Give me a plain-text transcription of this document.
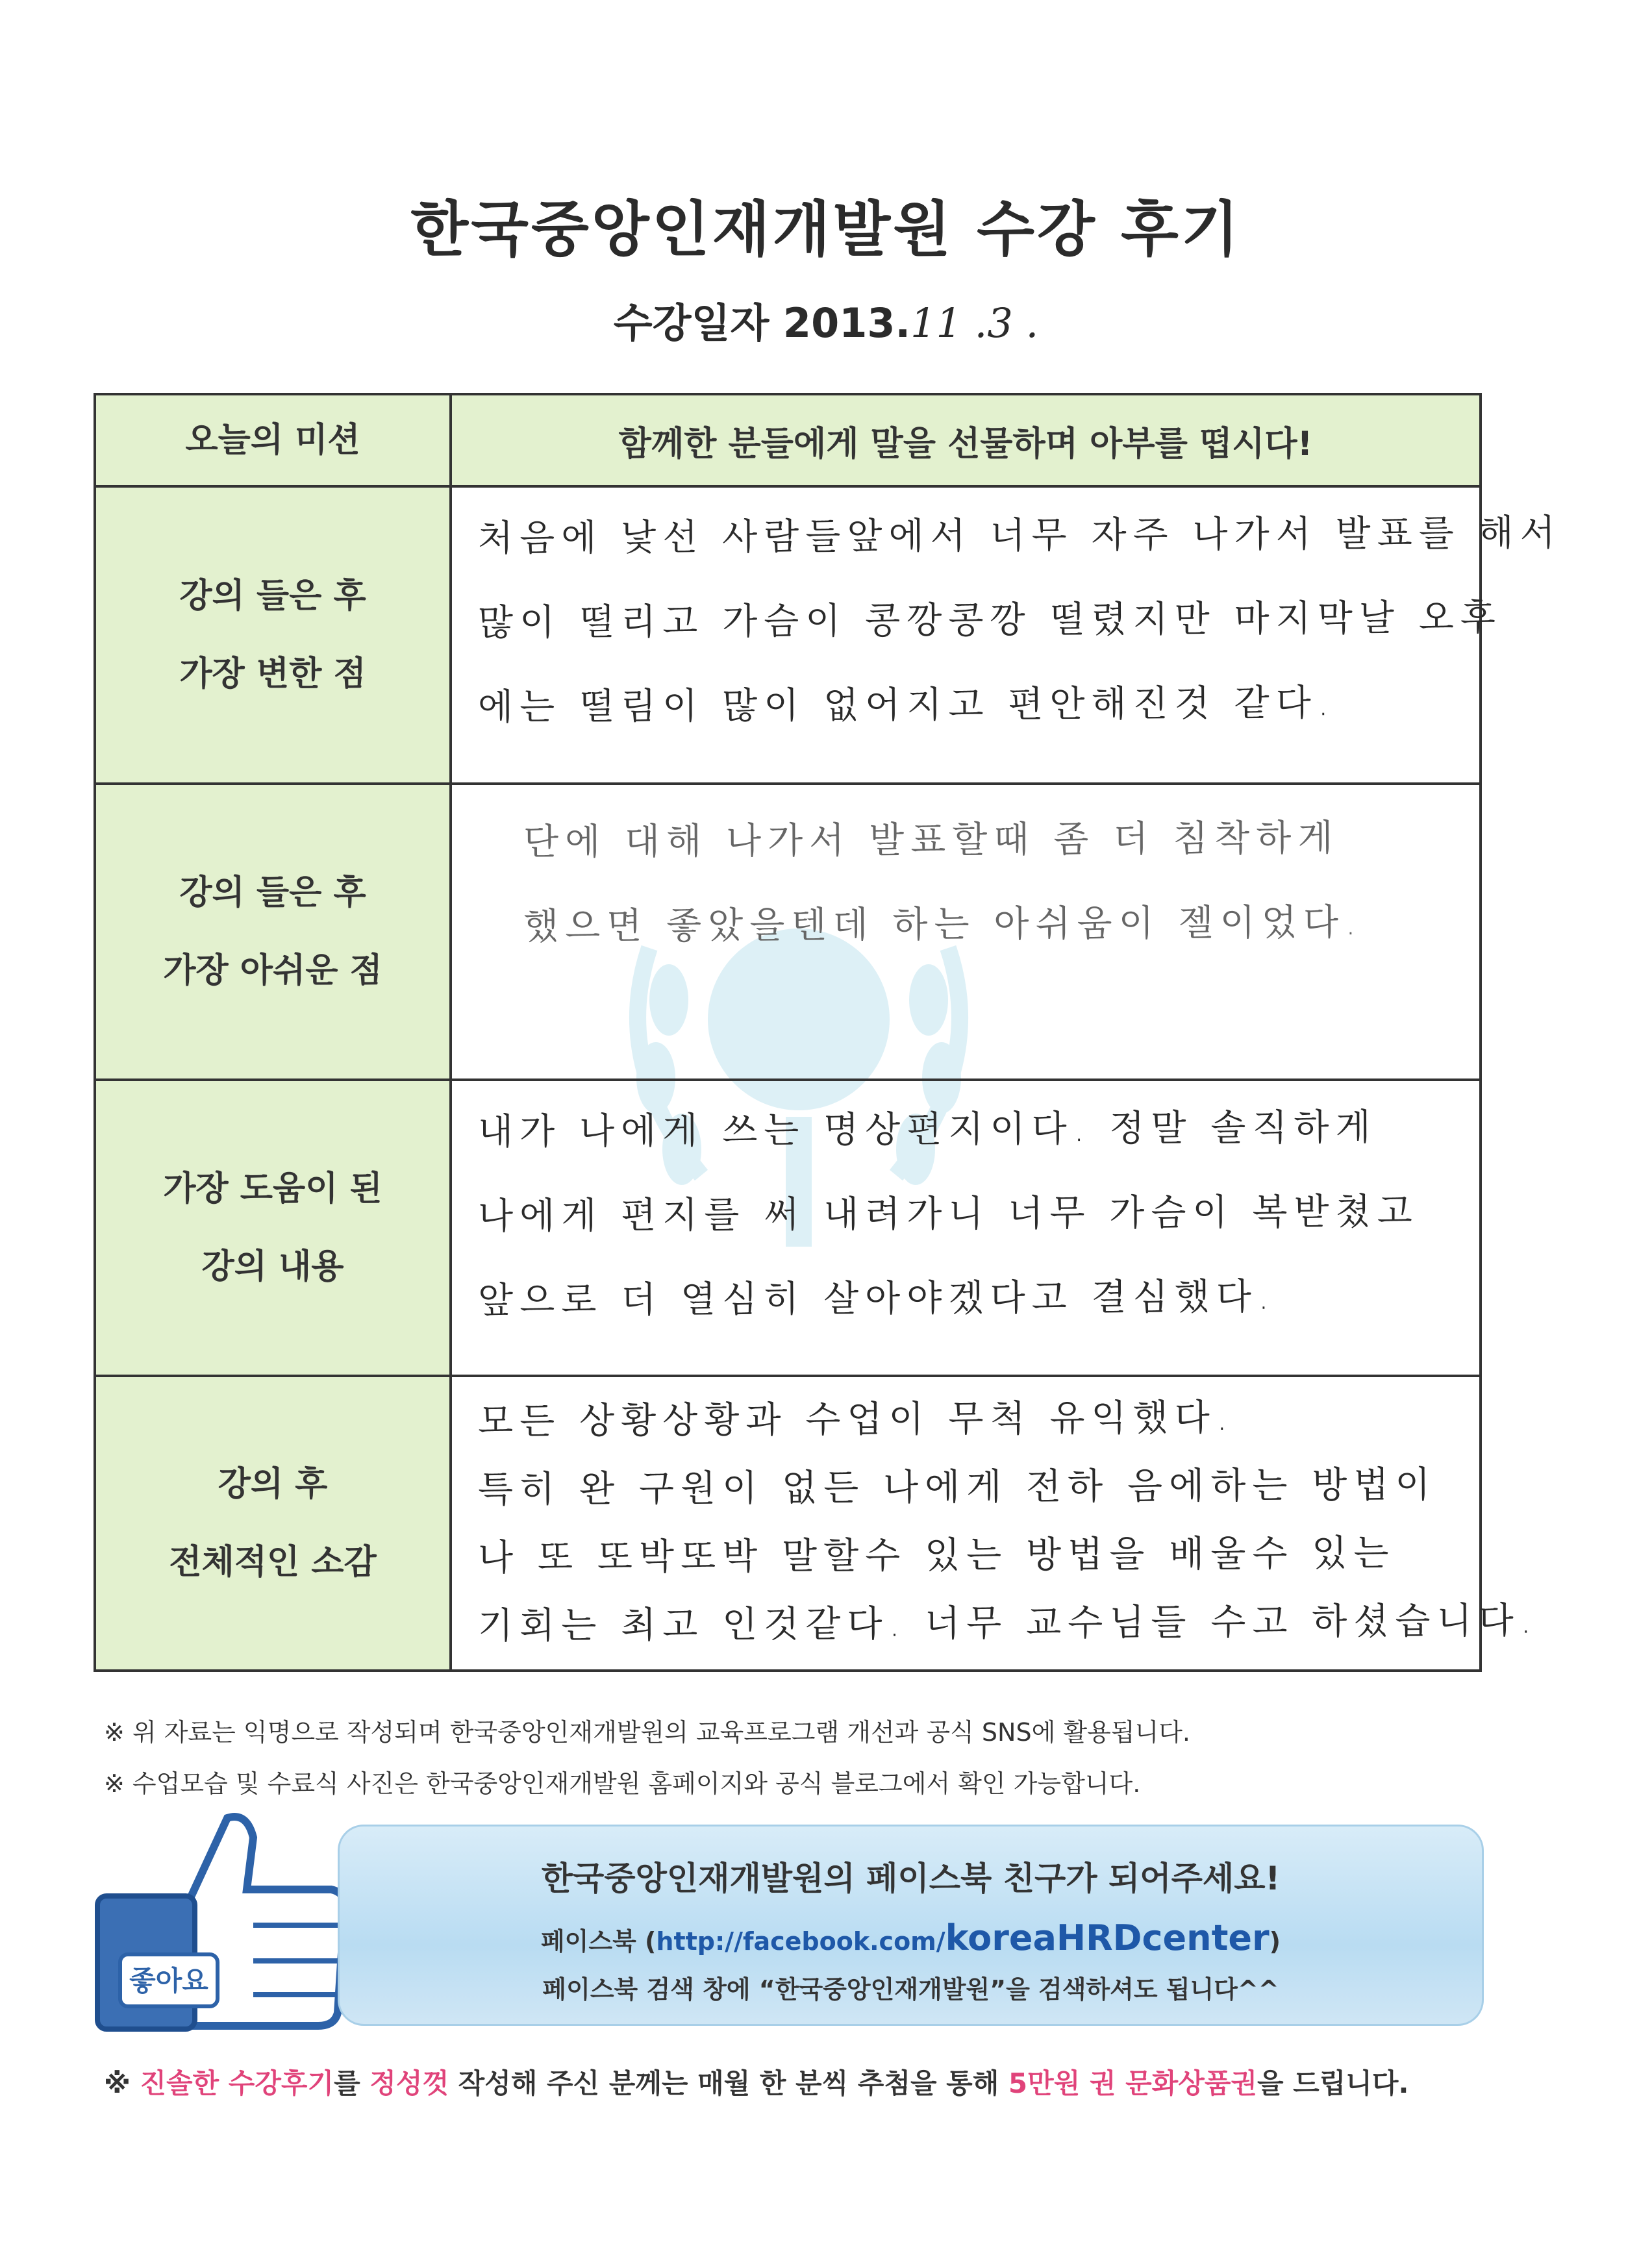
한국중앙인재개발원 수강 후기
수강일자 2013.11 .3 .
오늘의 미션	함께한 분들에게 말을 선물하며 아부를 떱시다!
강의 들은 후
가장 변한 점
처음에 낯선 사람들앞에서 너무 자주 나가서 발표를 해서
많이 떨리고 가슴이 콩깡콩깡 떨렸지만 마지막날 오후
에는 떨림이 많이 없어지고 편안해진것 같다.
강의 들은 후
가장 아쉬운 점
단에 대해 나가서 발표할때 좀 더 침착하게
했으면 좋았을텐데 하는 아쉬움이 젤이었다.
가장 도움이 된
강의 내용
내가 나에게 쓰는 명상편지이다. 정말 솔직하게
나에게 편지를 써 내려가니 너무 가슴이 복받쳤고
앞으로 더 열심히 살아야겠다고 결심했다.
강의 후
전체적인 소감
모든 상황상황과 수업이 무척 유익했다.
특히 완 구원이 없든 나에게 전하 음에하는 방법이
나 또 또박또박 말할수 있는 방법을 배울수 있는
기회는 최고 인것같다. 너무 교수님들 수고 하셨습니다.
※ 위 자료는 익명으로 작성되며 한국중앙인재개발원의 교육프로그램 개선과 공식 SNS에 활용됩니다.
※ 수업모습 및 수료식 사진은 한국중앙인재개발원 홈페이지와 공식 블로그에서 확인 가능합니다.
좋아요
한국중앙인재개발원의 페이스북 친구가 되어주세요!
페이스북 (http://facebook.com/koreaHRDcenter)
페이스북 검색 창에 “한국중앙인재개발원”을 검색하셔도 됩니다^^
※ 진솔한 수강후기를 정성껏 작성해 주신 분께는 매월 한 분씩 추첨을 통해 5만원 권 문화상품권을 드립니다.
